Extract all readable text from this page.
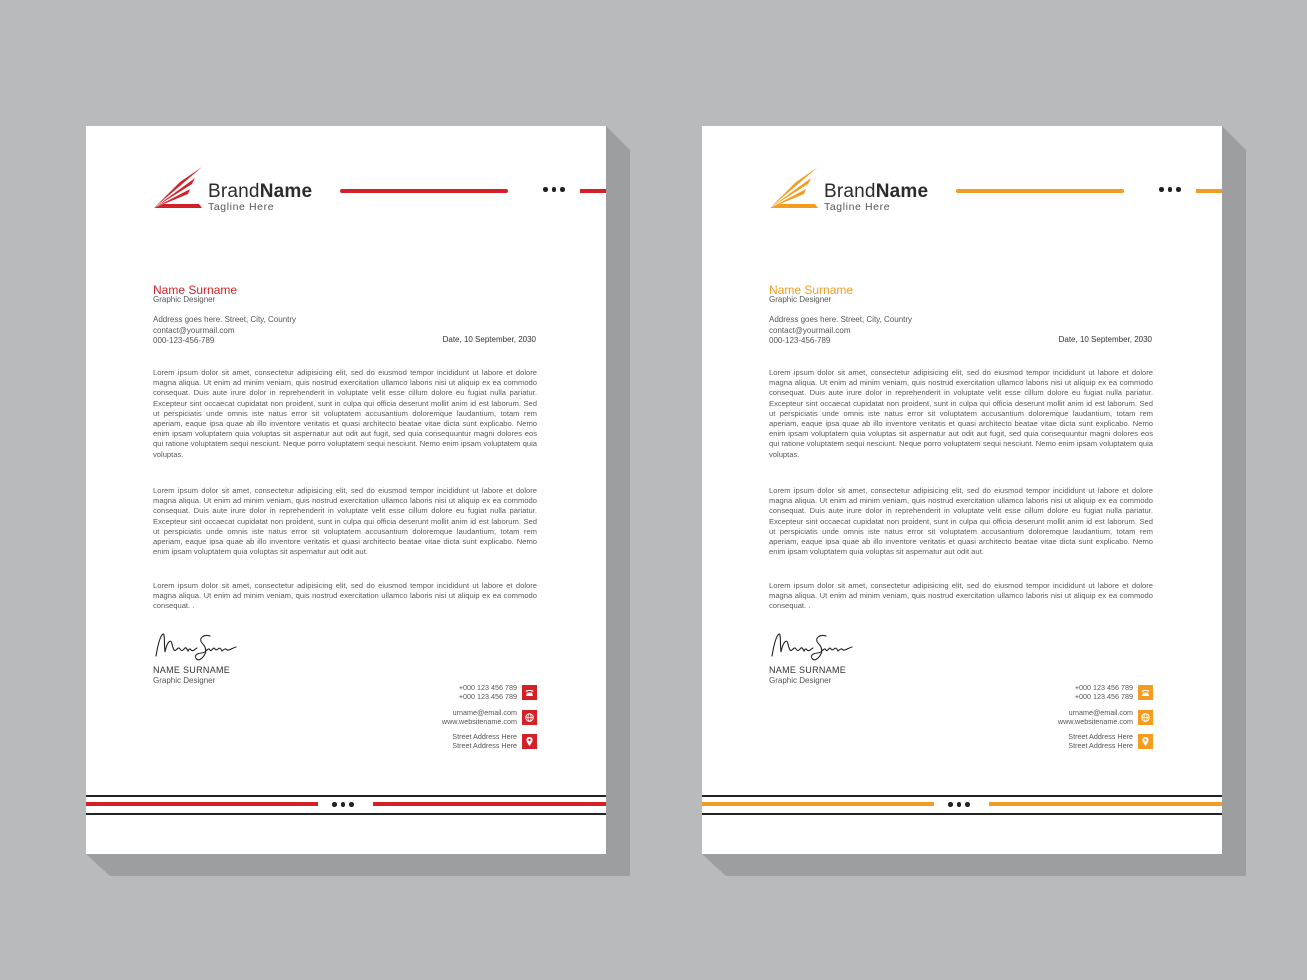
BrandName
Tagline Here
Name Surname
Graphic Designer
Address goes here. Street, City, Country
contact@yourmail.com
000-123-456-789	Date, 10 September, 2030

Lorem ipsum dolor sit amet, consectetur adipisicing elit, sed do eiusmod tempor incididunt ut labore et dolore magna aliqua. Ut enim ad minim veniam, quis nostrud exercitation ullamco laboris nisi ut aliquip ex ea commodo consequat. Duis aute irure dolor in reprehenderit in voluptate velit esse cillum dolore eu fugiat nulla pariatur. Excepteur sint occaecat cupidatat non proident, sunt in culpa qui officia deserunt mollit anim id est laborum. Sed ut perspiciatis unde omnis iste natus error sit voluptatem accusantium doloremque laudantium, totam rem aperiam, eaque ipsa quae ab illo inventore veritatis et quasi architecto beatae vitae dicta sunt explicabo. Nemo enim ipsam voluptatem quia voluptas sit aspernatur aut odit aut fugit, sed quia consequuntur magni dolores eos qui ratione voluptatem sequi nesciunt. Neque porro voluptatem sequi nesciunt. Nemo enim ipsam voluptatem quia voluptas.

Lorem ipsum dolor sit amet, consectetur adipisicing elit, sed do eiusmod tempor incididunt ut labore et dolore magna aliqua. Ut enim ad minim veniam, quis nostrud exercitation ullamco laboris nisi ut aliquip ex ea commodo consequat. Duis aute irure dolor in reprehenderit in voluptate velit esse cillum dolore eu fugiat nulla pariatur. Excepteur sint occaecat cupidatat non proident, sunt in culpa qui officia deserunt mollit anim id est laborum. Sed ut perspiciatis unde omnis iste natus error sit voluptatem accusantium doloremque laudantium, totam rem aperiam, eaque ipsa quae ab illo inventore veritatis et quasi architecto beatae vitae dicta sunt explicabo. Nemo enim ipsam voluptatem quia voluptas sit aspernatur aut odit aut.

Lorem ipsum dolor sit amet, consectetur adipisicing elit, sed do eiusmod tempor incididunt ut labore et dolore magna aliqua. Ut enim ad minim veniam, quis nostrud exercitation ullamco laboris nisi ut aliquip ex ea commodo consequat. .

NAME SURNAME
Graphic Designer
+000 123 456 789
+000 123 456 789
urname@email.com
www.websitename.com
Street Address Here
Street Address Here
BrandName
Tagline Here
Name Surname
Graphic Designer
Address goes here. Street, City, Country
contact@yourmail.com
000-123-456-789	Date, 10 September, 2030

Lorem ipsum dolor sit amet, consectetur adipisicing elit, sed do eiusmod tempor incididunt ut labore et dolore magna aliqua. Ut enim ad minim veniam, quis nostrud exercitation ullamco laboris nisi ut aliquip ex ea commodo consequat. Duis aute irure dolor in reprehenderit in voluptate velit esse cillum dolore eu fugiat nulla pariatur. Excepteur sint occaecat cupidatat non proident, sunt in culpa qui officia deserunt mollit anim id est laborum. Sed ut perspiciatis unde omnis iste natus error sit voluptatem accusantium doloremque laudantium, totam rem aperiam, eaque ipsa quae ab illo inventore veritatis et quasi architecto beatae vitae dicta sunt explicabo. Nemo enim ipsam voluptatem quia voluptas sit aspernatur aut odit aut fugit, sed quia consequuntur magni dolores eos qui ratione voluptatem sequi nesciunt. Neque porro voluptatem sequi nesciunt. Nemo enim ipsam voluptatem quia voluptas.

Lorem ipsum dolor sit amet, consectetur adipisicing elit, sed do eiusmod tempor incididunt ut labore et dolore magna aliqua. Ut enim ad minim veniam, quis nostrud exercitation ullamco laboris nisi ut aliquip ex ea commodo consequat. Duis aute irure dolor in reprehenderit in voluptate velit esse cillum dolore eu fugiat nulla pariatur. Excepteur sint occaecat cupidatat non proident, sunt in culpa qui officia deserunt mollit anim id est laborum. Sed ut perspiciatis unde omnis iste natus error sit voluptatem accusantium doloremque laudantium, totam rem aperiam, eaque ipsa quae ab illo inventore veritatis et quasi architecto beatae vitae dicta sunt explicabo. Nemo enim ipsam voluptatem quia voluptas sit aspernatur aut odit aut.

Lorem ipsum dolor sit amet, consectetur adipisicing elit, sed do eiusmod tempor incididunt ut labore et dolore magna aliqua. Ut enim ad minim veniam, quis nostrud exercitation ullamco laboris nisi ut aliquip ex ea commodo consequat. .

NAME SURNAME
Graphic Designer
+000 123 456 789
+000 123 456 789
urname@email.com
www.websitename.com
Street Address Here
Street Address Here
